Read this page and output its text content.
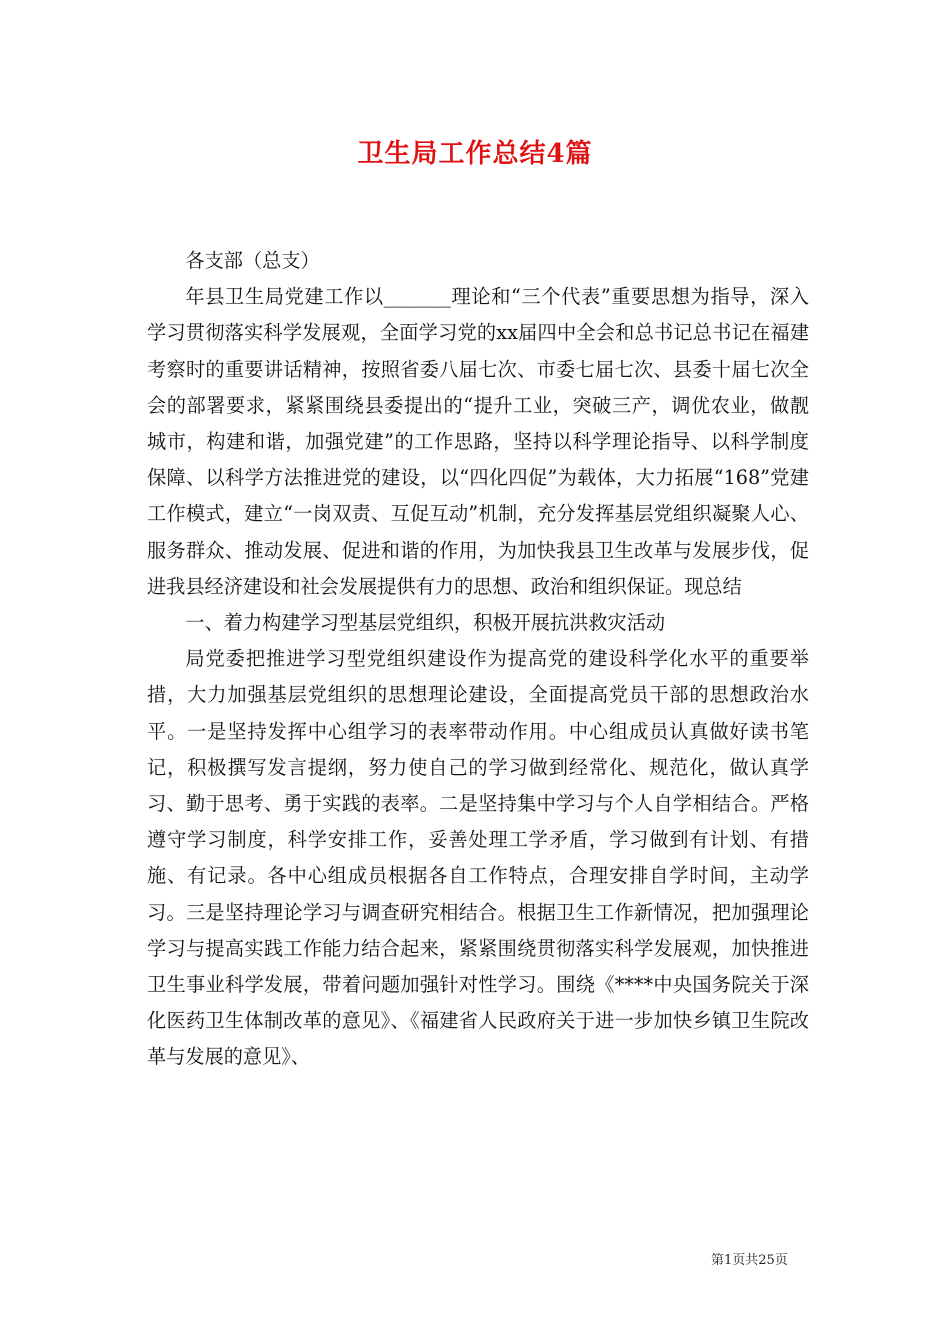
卫生局工作总结4篇

各支部（总支）

年县卫生局党建工作以_______理论和“三个代表”重要思想为指导，深入学习贯彻落实科学发展观，全面学习党的xx届四中全会和总书记总书记在福建考察时的重要讲话精神，按照省委八届七次、市委七届七次、县委十届七次全会的部署要求，紧紧围绕县委提出的“提升工业，突破三产，调优农业，做靓城市，构建和谐，加强党建”的工作思路，坚持以科学理论指导、以科学制度保障、以科学方法推进党的建设，以“四化四促”为载体，大力拓展“168”党建工作模式，建立“一岗双责、互促互动”机制，充分发挥基层党组织凝聚人心、服务群众、推动发展、促进和谐的作用，为加快我县卫生改革与发展步伐，促进我县经济建设和社会发展提供有力的思想、政治和组织保证。现总结

一、着力构建学习型基层党组织，积极开展抗洪救灾活动

局党委把推进学习型党组织建设作为提高党的建设科学化水平的重要举措，大力加强基层党组织的思想理论建设，全面提高党员干部的思想政治水平。一是坚持发挥中心组学习的表率带动作用。中心组成员认真做好读书笔记，积极撰写发言提纲，努力使自己的学习做到经常化、规范化，做认真学习、勤于思考、勇于实践的表率。二是坚持集中学习与个人自学相结合。严格遵守学习制度，科学安排工作，妥善处理工学矛盾，学习做到有计划、有措施、有记录。各中心组成员根据各自工作特点，合理安排自学时间，主动学习。三是坚持理论学习与调查研究相结合。根据卫生工作新情况，把加强理论学习与提高实践工作能力结合起来，紧紧围绕贯彻落实科学发展观，加快推进卫生事业科学发展，带着问题加强针对性学习。围绕《****中央国务院关于深化医药卫生体制改革的意见》、《福建省人民政府关于进一步加快乡镇卫生院改革与发展的意见》、

第1页共25页
